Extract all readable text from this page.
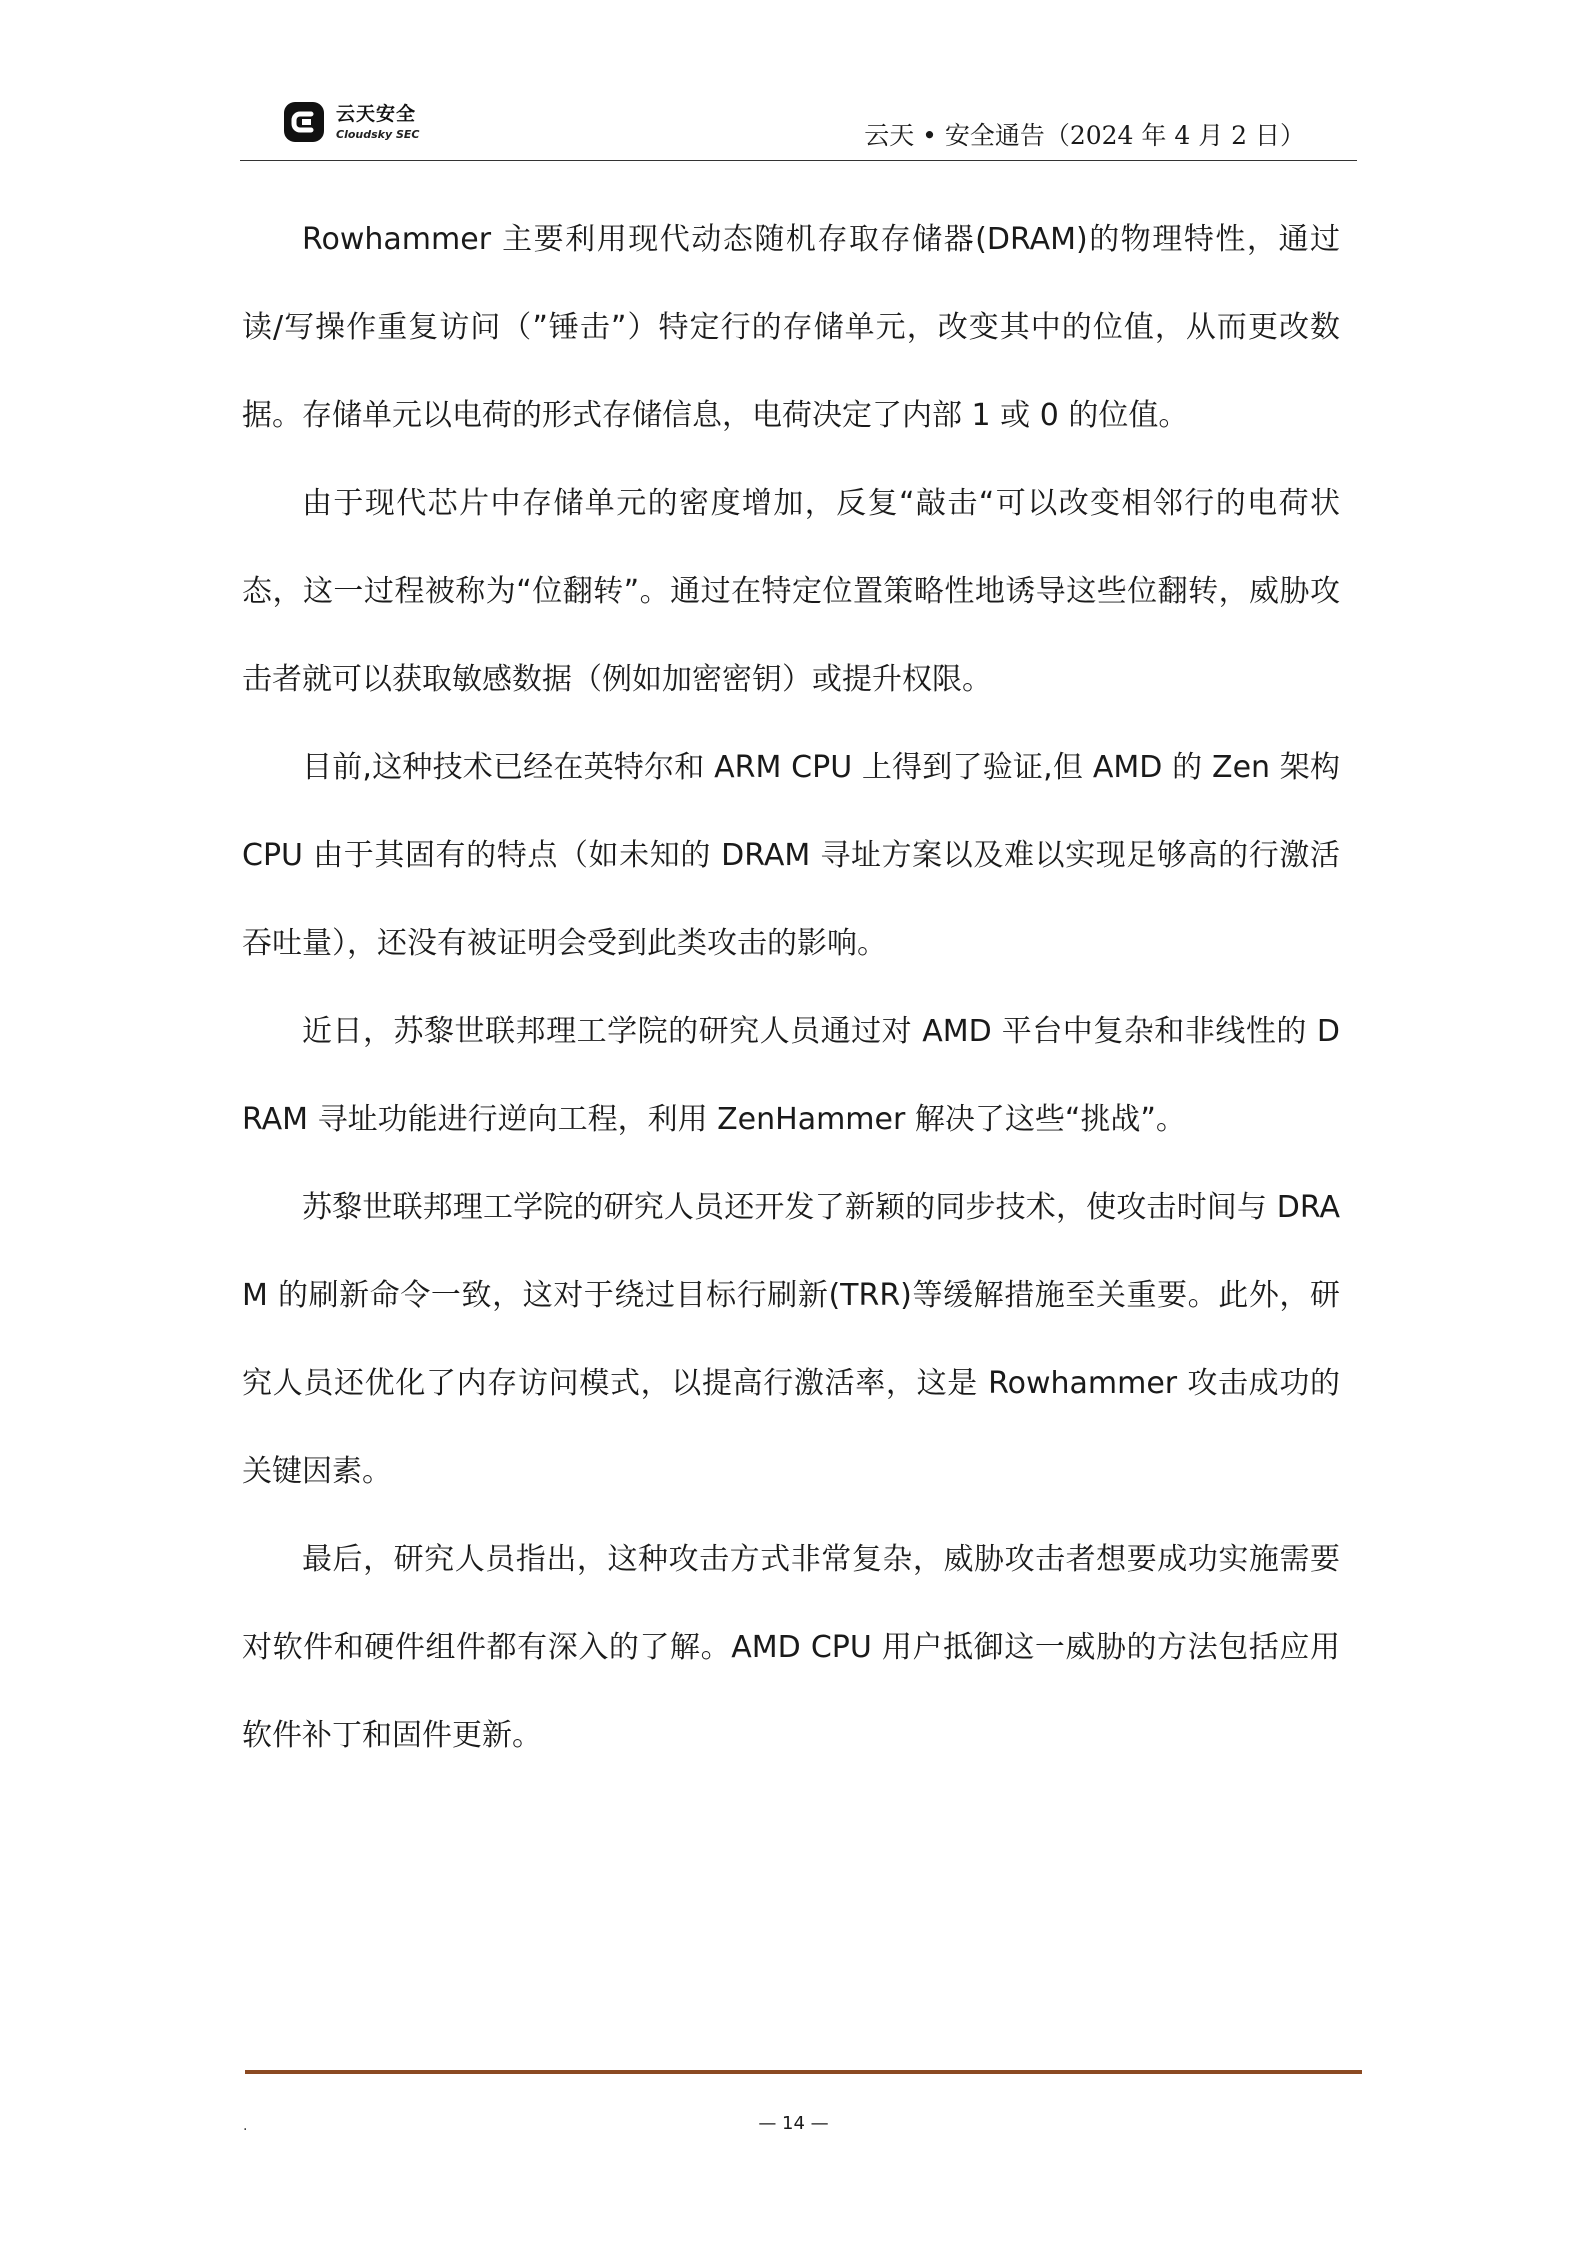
云天安全
Cloudsky SEC	云天 • 安全通告（2024 年 4 月 2 日）

Rowhammer 主要利用现代动态随机存取存储器(DRAM)的物理特性，通过读/写操作重复访问（”锤击”）特定行的存储单元，改变其中的位值，从而更改数据。存储单元以电荷的形式存储信息，电荷决定了内部 1 或 0 的位值。

由于现代芯片中存储单元的密度增加，反复“敲击“可以改变相邻行的电荷状态，这一过程被称为“位翻转”。通过在特定位置策略性地诱导这些位翻转，威胁攻击者就可以获取敏感数据（例如加密密钥）或提升权限。

目前,这种技术已经在英特尔和 ARM CPU 上得到了验证,但 AMD 的 Zen 架构 CPU 由于其固有的特点（如未知的 DRAM 寻址方案以及难以实现足够高的行激活吞吐量），还没有被证明会受到此类攻击的影响。

近日，苏黎世联邦理工学院的研究人员通过对 AMD 平台中复杂和非线性的 DRAM 寻址功能进行逆向工程，利用 ZenHammer 解决了这些“挑战”。

苏黎世联邦理工学院的研究人员还开发了新颖的同步技术，使攻击时间与 DRAM 的刷新命令一致，这对于绕过目标行刷新(TRR)等缓解措施至关重要。此外，研究人员还优化了内存访问模式，以提高行激活率，这是 Rowhammer 攻击成功的关键因素。

最后，研究人员指出，这种攻击方式非常复杂，威胁攻击者想要成功实施需要对软件和硬件组件都有深入的了解。AMD CPU 用户抵御这一威胁的方法包括应用软件补丁和固件更新。

.	— 14 —
